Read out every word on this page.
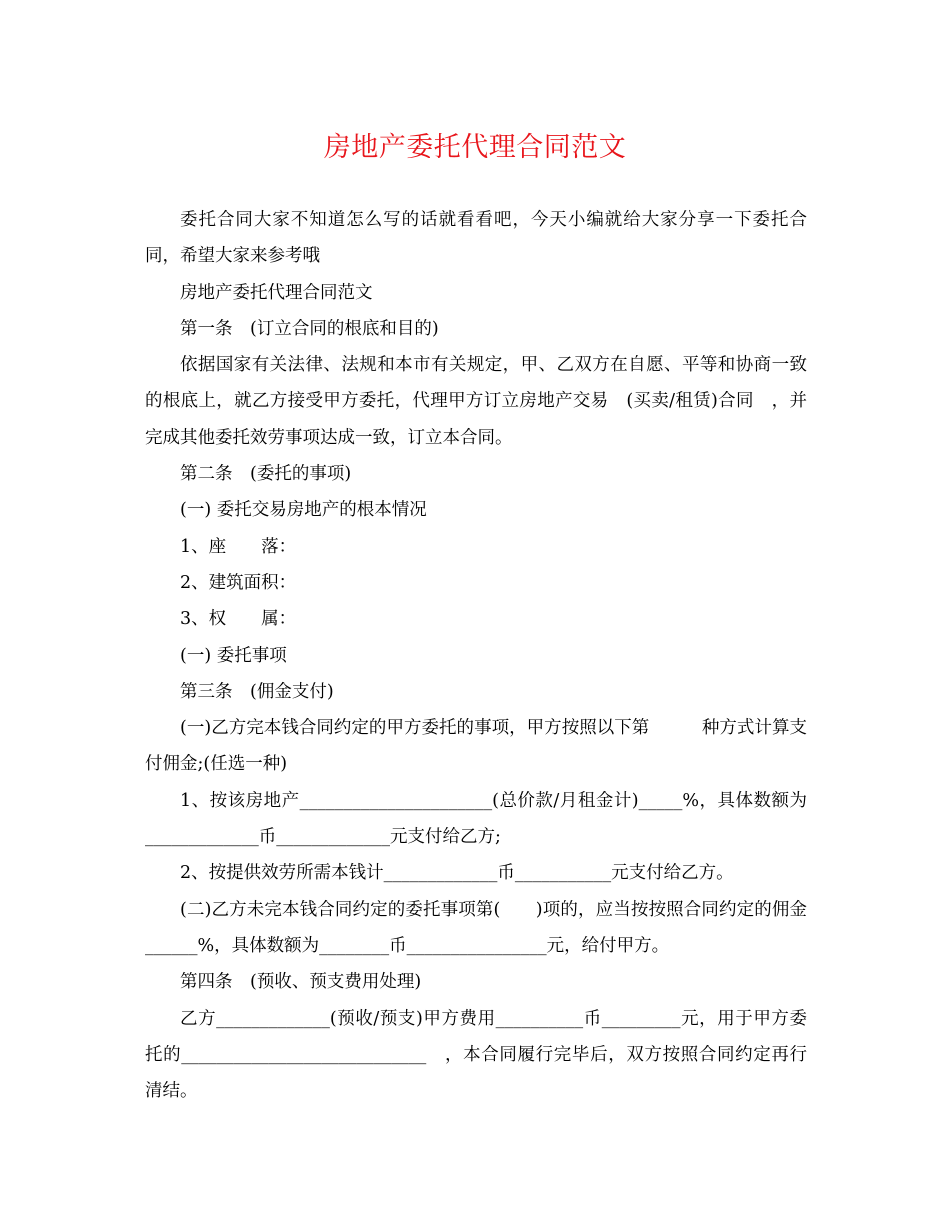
房地产委托代理合同范文

委托合同大家不知道怎么写的话就看看吧，今天小编就给大家分享一下委托合同，希望大家来参考哦

房地产委托代理合同范文

第一条　(订立合同的根底和目的)

依据国家有关法律、法规和本市有关规定，甲、乙双方在自愿、平等和协商一致的根底上，就乙方接受甲方委托，代理甲方订立房地产交易　(买卖/租赁)合同　，并完成其他委托效劳事项达成一致，订立本合同。

第二条　(委托的事项)

(一) 委托交易房地产的根本情况

1、座　　落：

2、建筑面积：

3、权　　属：

(一) 委托事项

第三条　(佣金支付)

(一)乙方完本钱合同约定的甲方委托的事项，甲方按照以下第　　　种方式计算支付佣金;(任选一种)

1、按该房地产______________________(总价款/月租金计)_____%，具体数额为_____________币_____________元支付给乙方;

2、按提供效劳所需本钱计_____________币___________元支付给乙方。

(二)乙方未完本钱合同约定的委托事项第(　　)项的，应当按按照合同约定的佣金______%，具体数额为________币________________元，给付甲方。

第四条　(预收、预支费用处理)

乙方_____________(预收/预支)甲方费用__________币_________元，用于甲方委托的____________________________　，本合同履行完毕后，双方按照合同约定再行清结。
